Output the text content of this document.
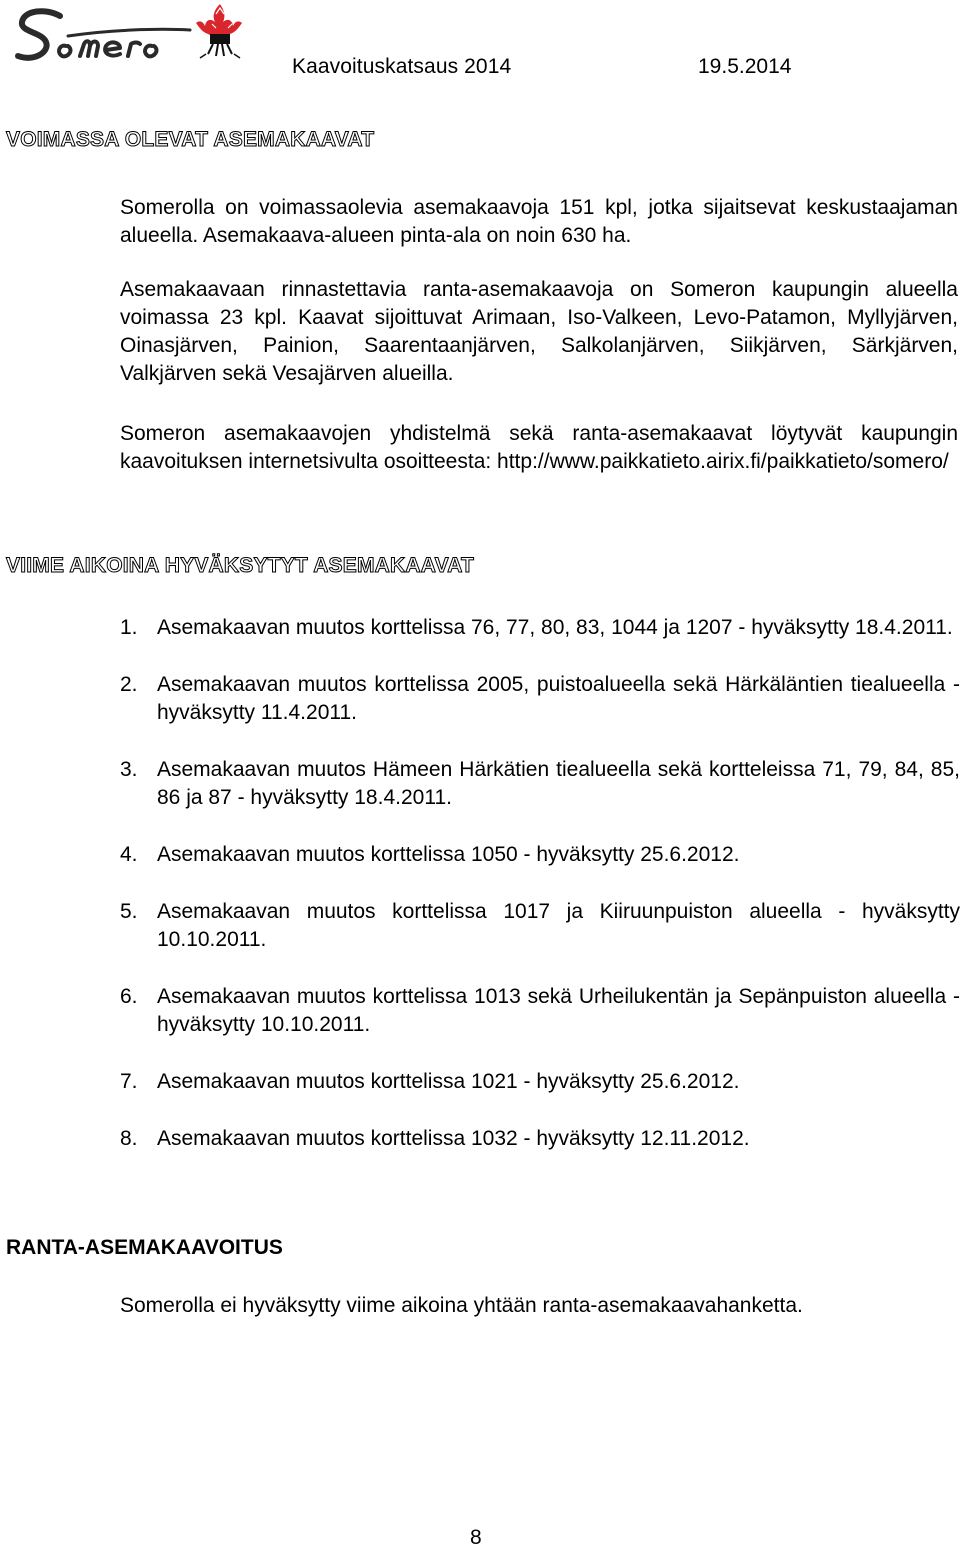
Kaavoituskatsaus 2014	19.5.2014
VOIMASSA OLEVAT ASEMAKAAVAT

Somerolla on voimassaolevia asemakaavoja 151 kpl, jotka sijaitsevat keskustaajaman alueella. Asemakaava-alueen pinta-ala on noin 630 ha.

Asemakaavaan rinnastettavia ranta-asemakaavoja on Someron kaupungin alueella voimassa 23 kpl. Kaavat sijoittuvat Arimaan, Iso-Valkeen, Levo-Patamon, Myllyjärven, Oinasjärven, Painion, Saarentaanjärven, Salkolanjärven, Siikjärven, Särkjärven, Valkjärven sekä Vesajärven alueilla.

Someron asemakaavojen yhdistelmä sekä ranta-asemakaavat löytyvät kaupungin kaavoituksen internetsivulta osoitteesta: http://www.paikkatieto.airix.fi/paikkatieto/somero/

VIIME AIKOINA HYVÄKSYTYT ASEMAKAAVAT
1. Asemakaavan muutos korttelissa 76, 77, 80, 83, 1044 ja 1207 - hyväksytty 18.4.2011.
2. Asemakaavan muutos korttelissa 2005, puistoalueella sekä Härkäläntien tiealueella - hyväksytty 11.4.2011.
3. Asemakaavan muutos Hämeen Härkätien tiealueella sekä kortteleissa 71, 79, 84, 85, 86 ja 87 - hyväksytty 18.4.2011.
4. Asemakaavan muutos korttelissa 1050 - hyväksytty 25.6.2012.
5. Asemakaavan muutos korttelissa 1017 ja Kiiruunpuiston alueella - hyväksytty 10.10.2011.
6. Asemakaavan muutos korttelissa 1013 sekä Urheilukentän ja Sepänpuiston alueella - hyväksytty 10.10.2011.
7. Asemakaavan muutos korttelissa 1021 - hyväksytty 25.6.2012.
8. Asemakaavan muutos korttelissa 1032 - hyväksytty 12.11.2012.
RANTA-ASEMAKAAVOITUS

Somerolla ei hyväksytty viime aikoina yhtään ranta-asemakaavahanketta.

8
